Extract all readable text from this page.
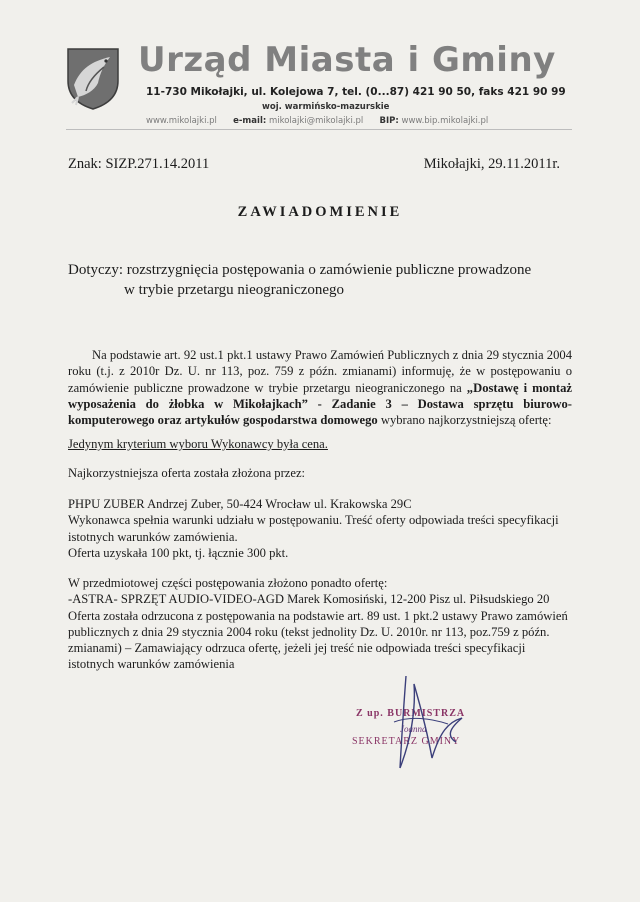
Urząd Miasta i Gminy
11-730 Mikołajki, ul. Kolejowa 7, tel. (0...87) 421 90 50, faks 421 90 99
woj. warmińsko-mazurskie
www.mikolajki.pl e-mail: mikolajki@mikolajki.pl BIP: www.bip.mikolajki.pl
Znak: SIZP.271.14.2011	Mikołajki, 29.11.2011r.
ZAWIADOMIENIE
Dotyczy: rozstrzygnięcia postępowania o zamówienie publiczne prowadzone
w trybie przetargu nieograniczonego
Na podstawie art. 92 ust.1 pkt.1 ustawy Prawo Zamówień Publicznych z dnia 29 stycznia 2004 roku (t.j. z 2010r Dz. U. nr 113, poz. 759 z późn. zmianami) informuję, że w postępowaniu o zamówienie publiczne prowadzone w trybie przetargu nieograniczonego na „Dostawę i montaż wyposażenia do żłobka w Mikołajkach” - Zadanie 3 – Dostawa sprzętu biurowo-komputerowego oraz artykułów gospodarstwa domowego wybrano najkorzystniejszą ofertę:
Jedynym kryterium wyboru Wykonawcy była cena.
Najkorzystniejsza oferta została złożona przez:
PHPU ZUBER Andrzej Zuber, 50-424 Wrocław ul. Krakowska 29C
Wykonawca spełnia warunki udziału w postępowaniu. Treść oferty odpowiada treści specyfikacji istotnych warunków zamówienia.
Oferta uzyskała 100 pkt, tj. łącznie 300 pkt.
W przedmiotowej części postępowania złożono ponadto ofertę:
-ASTRA- SPRZĘT AUDIO-VIDEO-AGD Marek Komosiński, 12-200 Pisz ul. Piłsudskiego 20
Oferta została odrzucona z postępowania na podstawie art. 89 ust. 1 pkt.2 ustawy Prawo zamówień publicznych z dnia 29 stycznia 2004 roku (tekst jednolity Dz. U. 2010r. nr 113, poz.759 z późn. zmianami) – Zamawiający odrzuca ofertę, jeżeli jej treść nie odpowiada treści specyfikacji istotnych warunków zamówienia
Z up. BURMISTRZA
Joanna
SEKRETARZ GMINY
